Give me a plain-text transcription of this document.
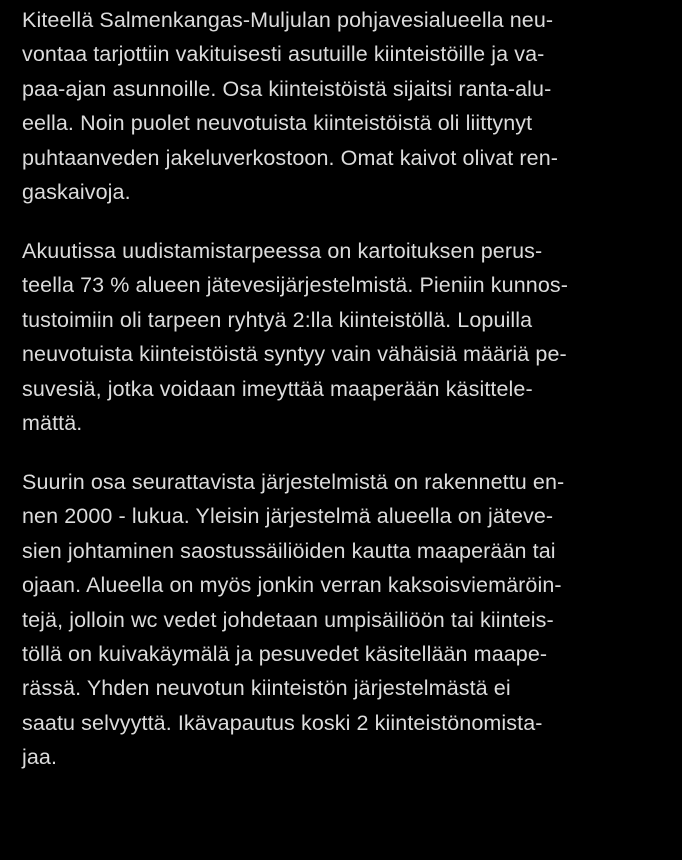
Kiteellä Salmenkangas-Muljulan pohjavesialueella neu-
vontaa tarjottiin vakituisesti asutuille kiinteistöille ja va-
paa-ajan asunnoille. Osa kiinteistöistä sijaitsi ranta-alu-
eella. Noin puolet neuvotuista kiinteistöistä oli liittynyt
puhtaanveden jakeluverkostoon. Omat kaivot olivat ren-
gaskaivoja.
Akuutissa uudistamistarpeessa on kartoituksen perus-
teella 73 % alueen jätevesijärjestelmistä. Pieniin kunnos-
tustoimiin oli tarpeen ryhtyä 2:lla kiinteistöllä. Lopuilla
neuvotuista kiinteistöistä syntyy vain vähäisiä määriä pe-
suvesiä, jotka voidaan imeyttää maaperään käsittele-
mättä.
Suurin osa seurattavista järjestelmistä on rakennettu en-
nen 2000 - lukua. Yleisin järjestelmä alueella on jäteve-
sien johtaminen saostussäiliöiden kautta maaperään tai
ojaan. Alueella on myös jonkin verran kaksoisviemäröin-
tejä, jolloin wc vedet johdetaan umpisäiliöön tai kiinteis-
töllä on kuivakäymälä ja pesuvedet käsitellään maape-
rässä. Yhden neuvotun kiinteistön järjestelmästä ei
saatu selvyyttä. Ikävapautus koski 2 kiinteistönomista-
jaa.
